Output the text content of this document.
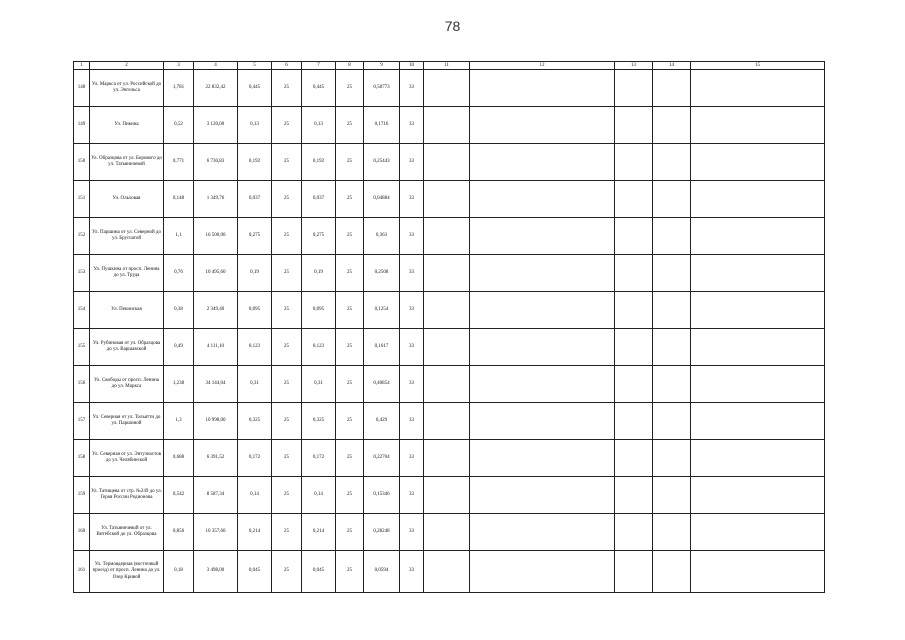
78
1	2	3	4	5	6	7	8	9	10	11	12	13	14	15
148	Ул. Маркса от ул. Российской до ул. Энгельса	1,781	22 832,42	0,445	25	0,445	25	0,58773	33					
149	Ул. Пикина	0,52	3 120,00	0,13	25	0,13	25	0,1716	33					
150	Ул. Образцова от ул. Борового до ул. Татьяничевой	0,771	6 730,83	0,192	25	0,192	25	0,25443	33					
151	Ул. Ольховая	0,148	1 349,76	0,037	25	0,037	25	0,04884	33					
152	Ул. Паршина от ул. Северной до ул. Брусчатой	1,1	16 500,00	0,275	25	0,275	25	0,363	33					
153	Ул. Пушкина от просп. Ленина до ул. Труда	0,76	10 495,60	0,19	25	0,19	25	0,2508	33					
154	Ул. Пекинская	0,38	2 349,40	0,095	25	0,095	25	0,1254	33					
155	Ул. Рубиновая от ул. Образцова до ул. Варшавской	0,49	4 111,10	0,123	25	0,123	25	0,1617	33					
156	Ул. Свободы от просп. Ленина до ул. Маркса	1,238	34 144,04	0,31	25	0,31	25	0,40854	33					
157	Ул. Северная от ул. Тольятти до ул. Паршиной	1,3	10 998,00	0,325	25	0,325	25	0,429	33					
158	Ул. Северная от ул. Энтузиастов до ул. Челябинской	0,688	6 391,52	0,172	25	0,172	25	0,22704	33					
159	Ул. Татищева от стр. №249 до ул. Героя России Родионова	0,542	8 587,34	0,14	25	0,14	25	0,15346	33					
160	Ул. Татьяничевой от ул. Витебской до ул. Образцова	0,856	10 357,60	0,214	25	0,214	25	0,28248	33					
161	Ул. Термоядерная (восточный проезд) от просп. Ленина до ул. Озер Кривой	0,18	3 498,00	0,045	25	0,045	25	0,0594	33					
